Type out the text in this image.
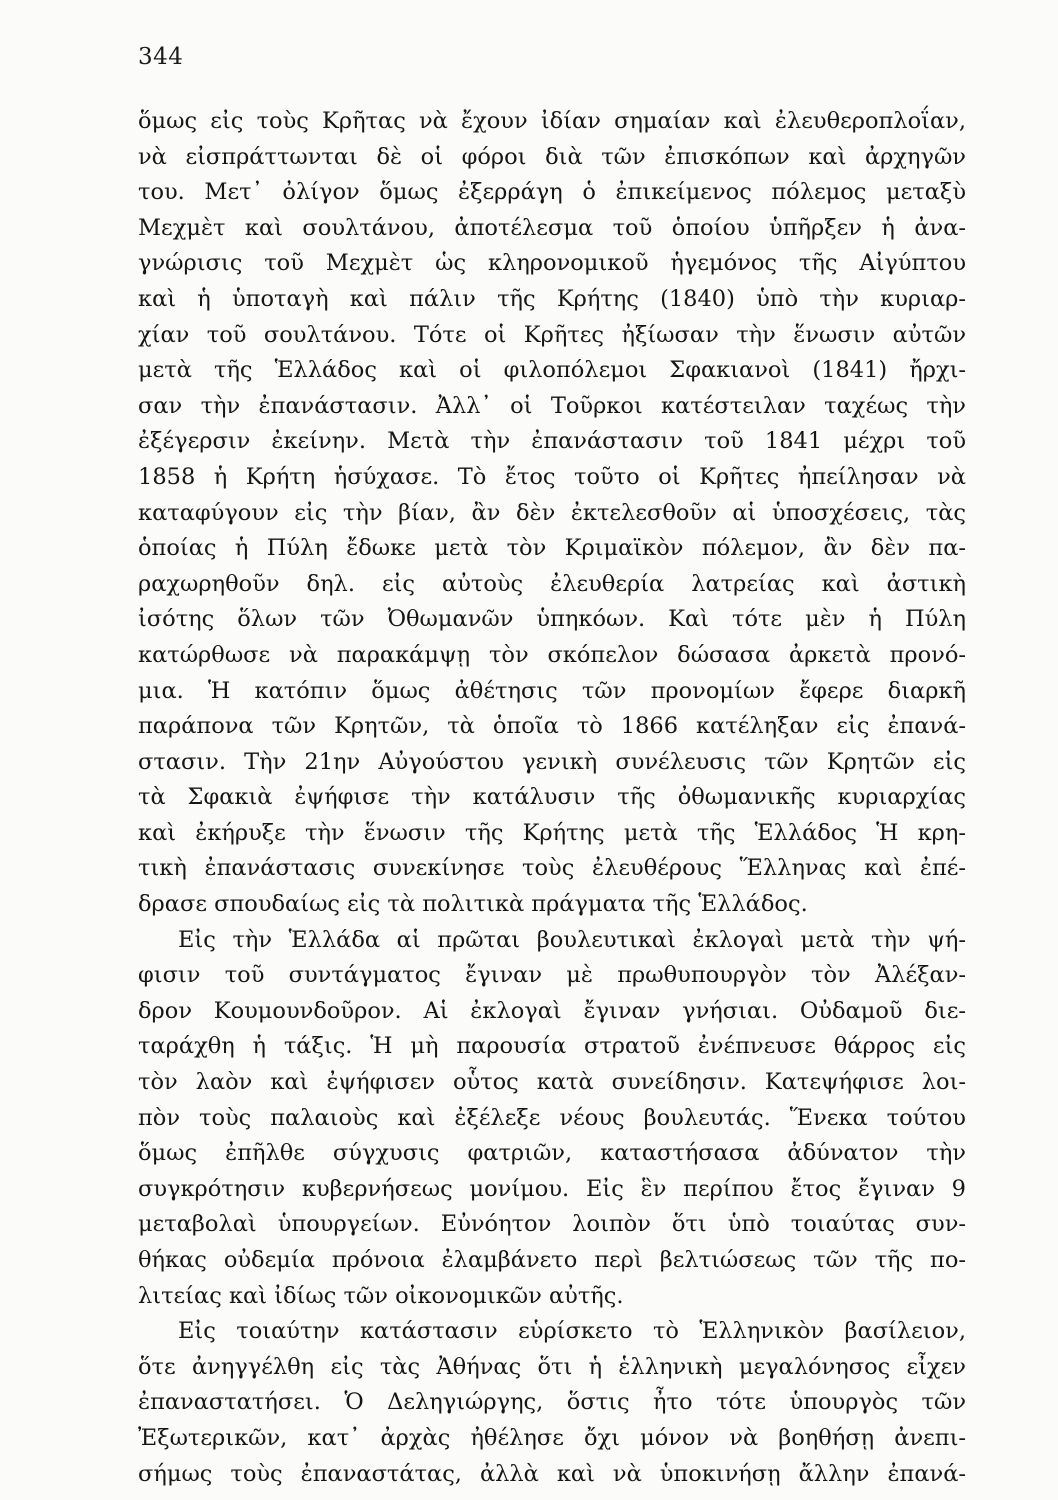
344

ὅμως εἰς τοὺς Κρῆτας νὰ ἔχουν ἰδίαν σημαίαν καὶ ἐλευθεροπλοΐαν,
νὰ εἰσπράττωνται δὲ οἱ φόροι διὰ τῶν ἐπισκόπων καὶ ἀρχηγῶν
του. Μετ᾽ ὀλίγον ὅμως ἐξερράγη ὁ ἐπικείμενος πόλεμος μεταξὺ
Μεχμὲτ καὶ σουλτάνου, ἀποτέλεσμα τοῦ ὁποίου ὑπῆρξεν ἡ ἀνα-
γνώρισις τοῦ Μεχμὲτ ὡς κληρονομικοῦ ἡγεμόνος τῆς Αἰγύπτου
καὶ ἡ ὑποταγὴ καὶ πάλιν τῆς Κρήτης (1840) ὑπὸ τὴν κυριαρ-
χίαν τοῦ σουλτάνου. Τότε οἱ Κρῆτες ἠξίωσαν τὴν ἕνωσιν αὐτῶν
μετὰ τῆς Ἑλλάδος καὶ οἱ φιλοπόλεμοι Σφακιανοὶ (1841) ἤρχι-
σαν τὴν ἐπανάστασιν. Ἀλλ᾽ οἱ Τοῦρκοι κατέστειλαν ταχέως τὴν
ἐξέγερσιν ἐκείνην. Μετὰ τὴν ἐπανάστασιν τοῦ 1841 μέχρι τοῦ
1858 ἡ Κρήτη ἡσύχασε. Τὸ ἔτος τοῦτο οἱ Κρῆτες ἠπείλησαν νὰ
καταφύγουν εἰς τὴν βίαν, ἂν δὲν ἐκτελεσθοῦν αἱ ὑποσχέσεις, τὰς
ὁποίας ἡ Πύλη ἔδωκε μετὰ τὸν Κριμαϊκὸν πόλεμον, ἂν δὲν πα-
ραχωρηθοῦν δηλ. εἰς αὐτοὺς ἐλευθερία λατρείας καὶ ἀστικὴ
ἰσότης ὅλων τῶν Ὀθωμανῶν ὑπηκόων. Καὶ τότε μὲν ἡ Πύλη
κατώρθωσε νὰ παρακάμψῃ τὸν σκόπελον δώσασα ἀρκετὰ προνό-
μια. Ἡ κατόπιν ὅμως ἀθέτησις τῶν προνομίων ἔφερε διαρκῆ
παράπονα τῶν Κρητῶν, τὰ ὁποῖα τὸ 1866 κατέληξαν εἰς ἐπανά-
στασιν. Τὴν 21ην Αὐγούστου γενικὴ συνέλευσις τῶν Κρητῶν εἰς
τὰ Σφακιὰ ἐψήφισε τὴν κατάλυσιν τῆς ὀθωμανικῆς κυριαρχίας
καὶ ἐκήρυξε τὴν ἕνωσιν τῆς Κρήτης μετὰ τῆς Ἑλλάδος Ἡ κρη-
τικὴ ἐπανάστασις συνεκίνησε τοὺς ἐλευθέρους Ἕλληνας καὶ ἐπέ-
δρασε σπουδαίως εἰς τὰ πολιτικὰ πράγματα τῆς Ἑλλάδος.

Εἰς τὴν Ἑλλάδα αἱ πρῶται βουλευτικαὶ ἐκλογαὶ μετὰ τὴν ψή-
φισιν τοῦ συντάγματος ἔγιναν μὲ πρωθυπουργὸν τὸν Ἀλέξαν-
δρον Κουμουνδοῦρον. Αἱ ἐκλογαὶ ἔγιναν γνήσιαι. Οὐδαμοῦ διε-
ταράχθη ἡ τάξις. Ἡ μὴ παρουσία στρατοῦ ἐνέπνευσε θάρρος εἰς
τὸν λαὸν καὶ ἐψήφισεν οὗτος κατὰ συνείδησιν. Κατεψήφισε λοι-
πὸν τοὺς παλαιοὺς καὶ ἐξέλεξε νέους βουλευτάς. Ἕνεκα τούτου
ὅμως ἐπῆλθε σύγχυσις φατριῶν, καταστήσασα ἀδύνατον τὴν
συγκρότησιν κυβερνήσεως μονίμου. Εἰς ἓν περίπου ἔτος ἔγιναν 9
μεταβολαὶ ὑπουργείων. Εὐνόητον λοιπὸν ὅτι ὑπὸ τοιαύτας συν-
θήκας οὐδεμία πρόνοια ἐλαμβάνετο περὶ βελτιώσεως τῶν τῆς πο-
λιτείας καὶ ἰδίως τῶν οἰκονομικῶν αὐτῆς.

Εἰς τοιαύτην κατάστασιν εὑρίσκετο τὸ Ἑλληνικὸν βασίλειον,
ὅτε ἀνηγγέλθη εἰς τὰς Ἀθήνας ὅτι ἡ ἑλληνικὴ μεγαλόνησος εἶχεν
ἐπαναστατήσει. Ὁ Δεληγιώργης, ὅστις ἦτο τότε ὑπουργὸς τῶν
Ἐξωτερικῶν, κατ᾽ ἀρχὰς ἠθέλησε ὄχι μόνον νὰ βοηθήσῃ ἀνεπι-
σήμως τοὺς ἐπαναστάτας, ἀλλὰ καὶ νὰ ὑποκινήσῃ ἄλλην ἐπανά-
